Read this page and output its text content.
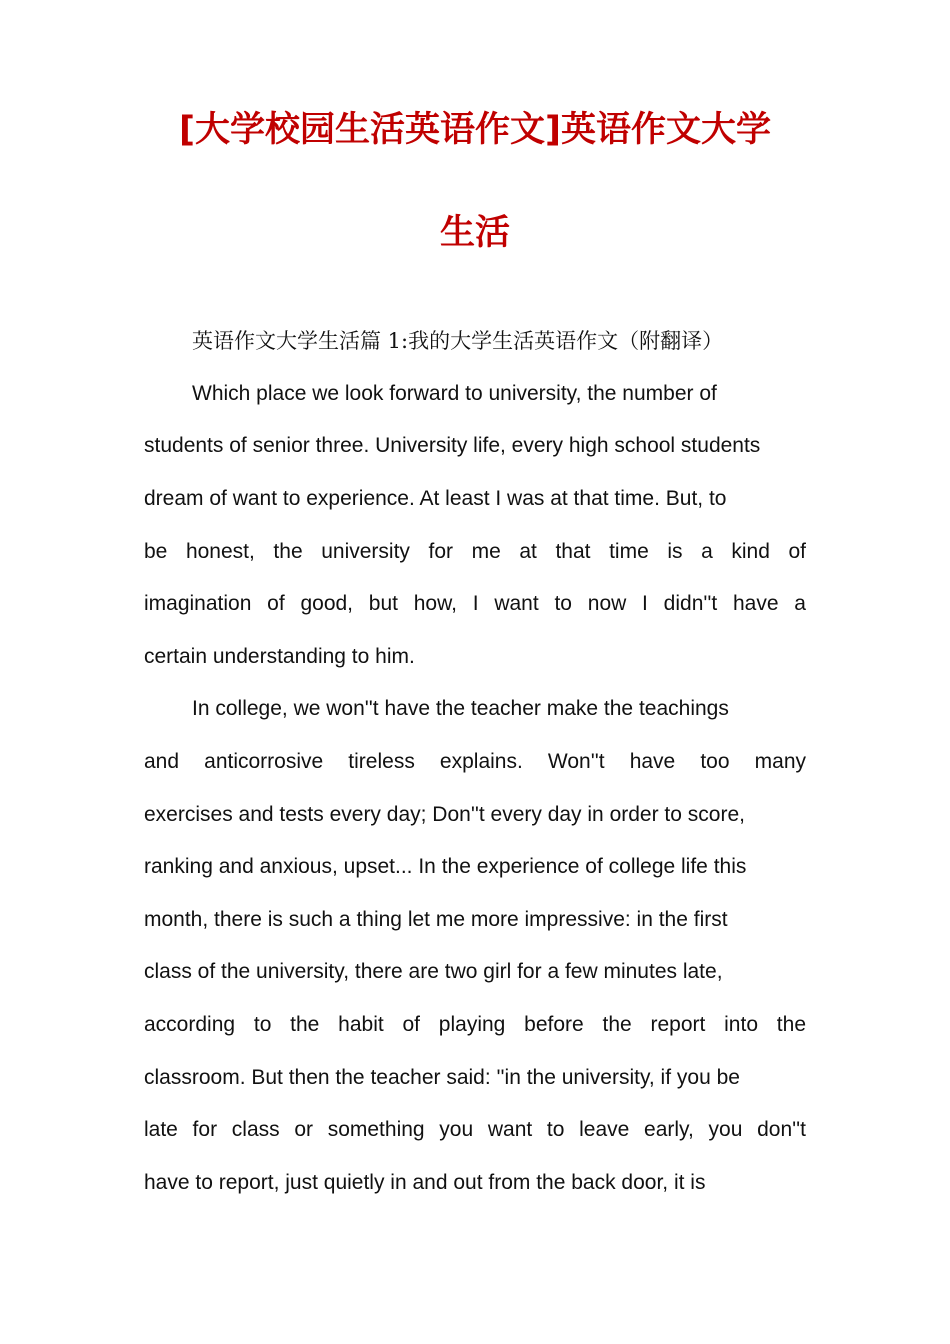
[大学校园生活英语作文]英语作文大学
生活

英语作文大学生活篇 1:我的大学生活英语作文（附翻译）

Which place we look forward to university, the number of

students of senior three. University life, every high school students

dream of want to experience. At least I was at that time. But, to

be honest, the university for me at that time is a kind of

imagination of good, but how, I want to now I didn''t have a

certain understanding to him.

In college, we won''t have the teacher make the teachings

and anticorrosive tireless explains. Won''t have too many

exercises and tests every day; Don''t every day in order to score,

ranking and anxious, upset... In the experience of college life this

month, there is such a thing let me more impressive: in the first

class of the university, there are two girl for a few minutes late,

according to the habit of playing before the report into the

classroom. But then the teacher said: ''in the university, if you be

late for class or something you want to leave early, you don''t

have to report, just quietly in and out from the back door, it is
